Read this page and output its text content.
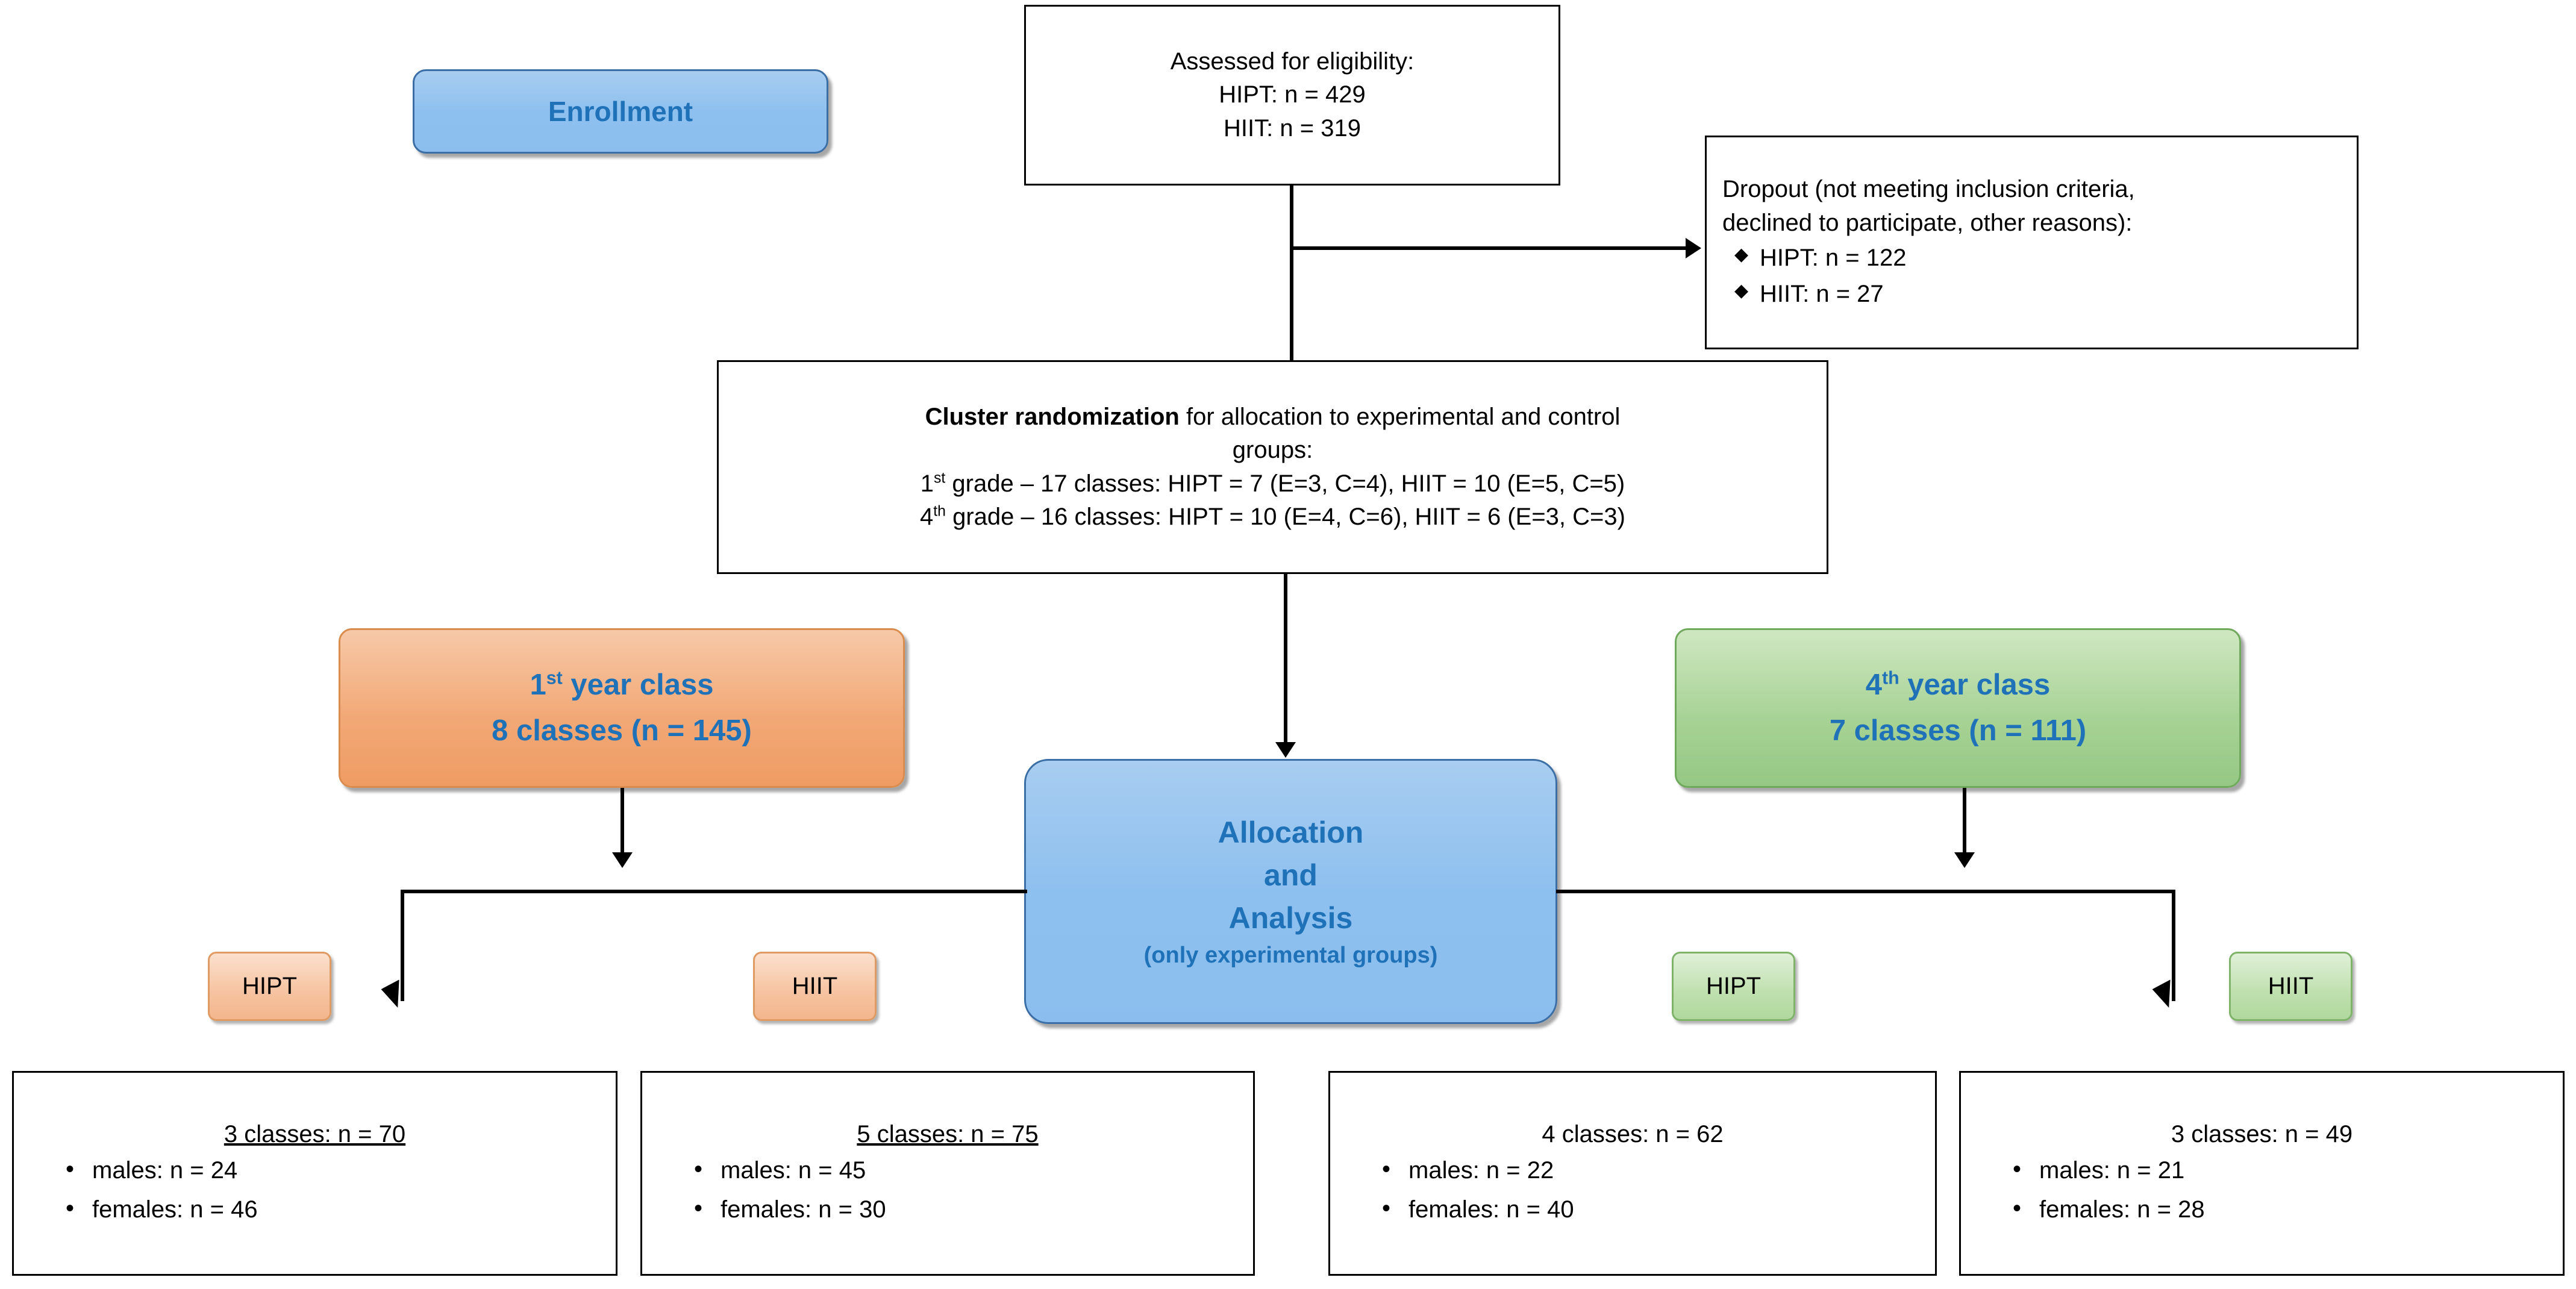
Enrollment
Assessed for eligibility:
HIPT: n = 429
HIIT: n = 319
Dropout (not meeting inclusion criteria,
declined to participate, other reasons):
◆ HIPT: n = 122
◆ HIIT: n = 27
Cluster randomization for allocation to experimental and control
groups:
1st grade – 17 classes: HIPT = 7 (E=3, C=4), HIIT = 10 (E=5, C=5)
4th grade – 16 classes: HIPT = 10 (E=4, C=6), HIIT = 6 (E=3, C=3)
1st year class
8 classes (n = 145)
4th year class
7 classes (n = 111)
Allocation
and
Analysis
(only experimental groups)
HIPT	HIIT	HIPT	HIIT
3 classes: n = 70
• males: n = 24
• females: n = 46
5 classes: n = 75
• males: n = 45
• females: n = 30
4 classes: n = 62
• males: n = 22
• females: n = 40
3 classes: n = 49
• males: n = 21
• females: n = 28
